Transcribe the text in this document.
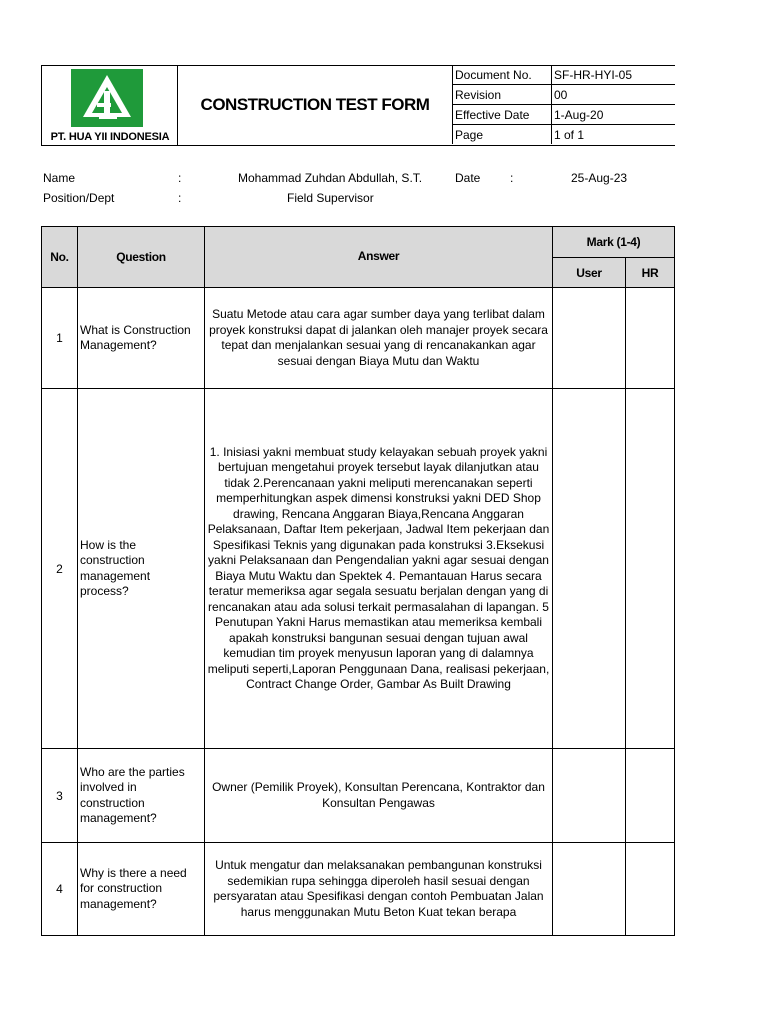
PT. HUA YII INDONESIA
CONSTRUCTION TEST FORM
Document No.	SF-HR-HYI-05
Revision	00
Effective Date	1-Aug-20
Page	1 of 1
Name	:	Mohammad Zuhdan Abdullah, S.T.	Date :	25-Aug-23
Position/Dept	:	Field Supervisor
No.	Question	Answer	Mark (1-4)	
			User	HR
1	What is Construction Management?	Suatu Metode atau cara agar sumber daya yang terlibat dalam proyek konstruksi dapat di jalankan oleh manajer proyek secara tepat dan menjalankan sesuai yang di rencanakankan agar sesuai dengan Biaya Mutu dan Waktu		
2	How is the construction management process?	1. Inisiasi yakni membuat study kelayakan sebuah proyek yakni bertujuan mengetahui proyek tersebut layak dilanjutkan atau tidak 2.Perencanaan yakni meliputi merencanakan seperti memperhitungkan aspek dimensi konstruksi yakni DED Shop drawing, Rencana Anggaran Biaya,Rencana Anggaran Pelaksanaan, Daftar Item pekerjaan, Jadwal Item pekerjaan dan Spesifikasi Teknis yang digunakan pada konstruksi 3.Eksekusi yakni Pelaksanaan dan Pengendalian yakni agar sesuai dengan Biaya Mutu Waktu dan Spektek 4. Pemantauan Harus secara teratur memeriksa agar segala sesuatu berjalan dengan yang di rencanakan atau ada solusi terkait permasalahan di lapangan. 5 Penutupan Yakni Harus memastikan atau memeriksa kembali apakah konstruksi bangunan sesuai dengan tujuan awal kemudian tim proyek menyusun laporan yang di dalamnya meliputi seperti,Laporan Penggunaan Dana, realisasi pekerjaan, Contract Change Order, Gambar As Built Drawing		
3	Who are the parties involved in construction management?	Owner (Pemilik Proyek), Konsultan Perencana, Kontraktor dan Konsultan Pengawas		
4	Why is there a need for construction management?	Untuk mengatur dan melaksanakan pembangunan konstruksi sedemikian rupa sehingga diperoleh hasil sesuai dengan persyaratan atau Spesifikasi dengan contoh Pembuatan Jalan harus menggunakan Mutu Beton Kuat tekan berapa		
